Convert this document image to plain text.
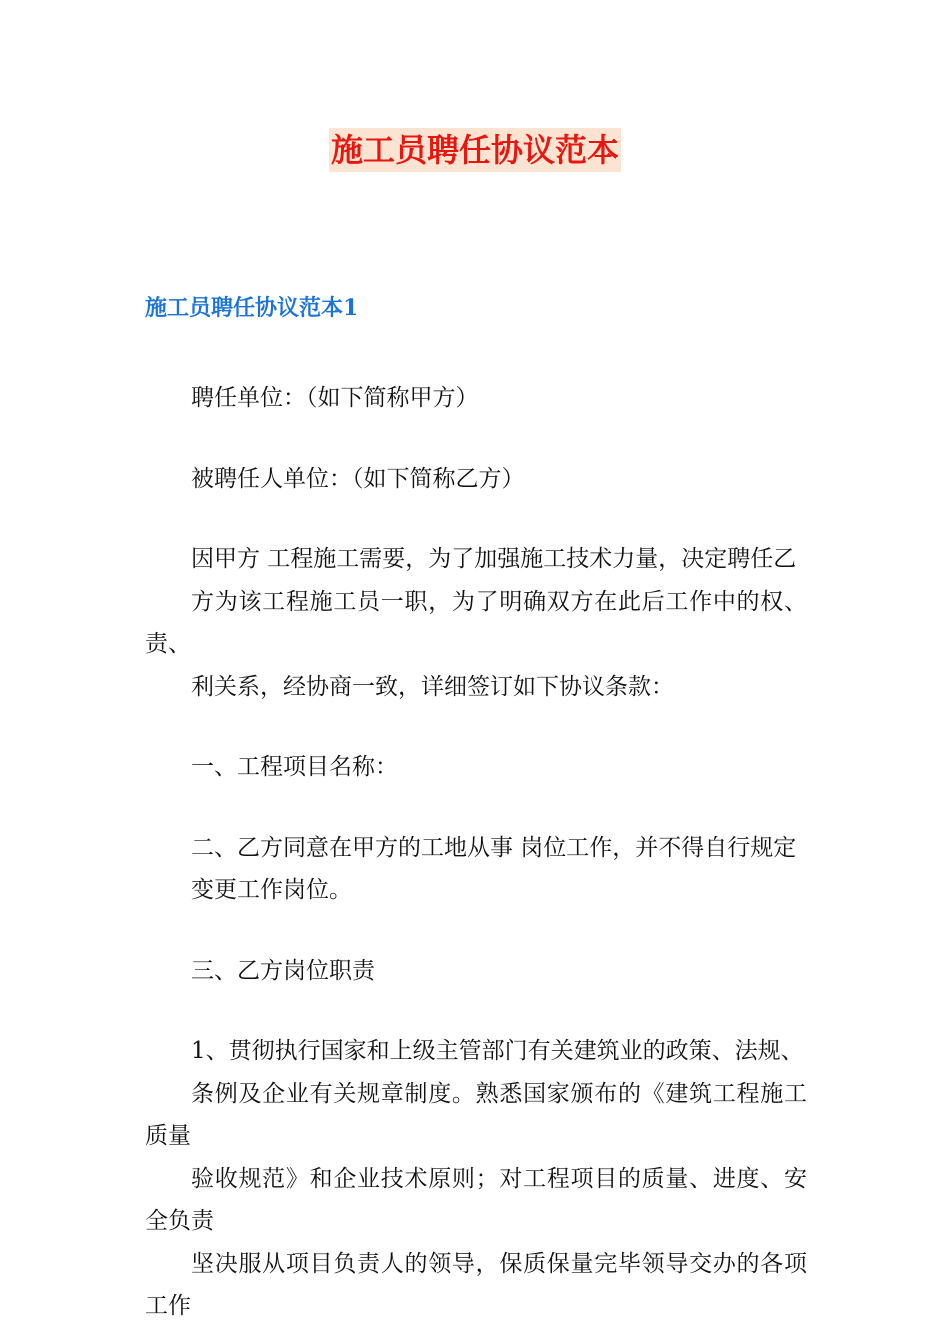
施工员聘任协议范本
施工员聘任协议范本1

聘任单位：（如下简称甲方）

被聘任人单位：（如下简称乙方）

因甲方 工程施工需要，为了加强施工技术力量，决定聘任乙
方为该工程施工员一职，为了明确双方在此后工作中的权、责、
利关系，经协商一致，详细签订如下协议条款：

一、工程项目名称：

二、乙方同意在甲方的工地从事 岗位工作，并不得自行规定
变更工作岗位。

三、乙方岗位职责

1、贯彻执行国家和上级主管部门有关建筑业的政策、法规、
条例及企业有关规章制度。熟悉国家颁布的《建筑工程施工质量
验收规范》和企业技术原则；对工程项目的质量、进度、安全负责
坚决服从项目负责人的领导，保质保量完毕领导交办的各项工作
